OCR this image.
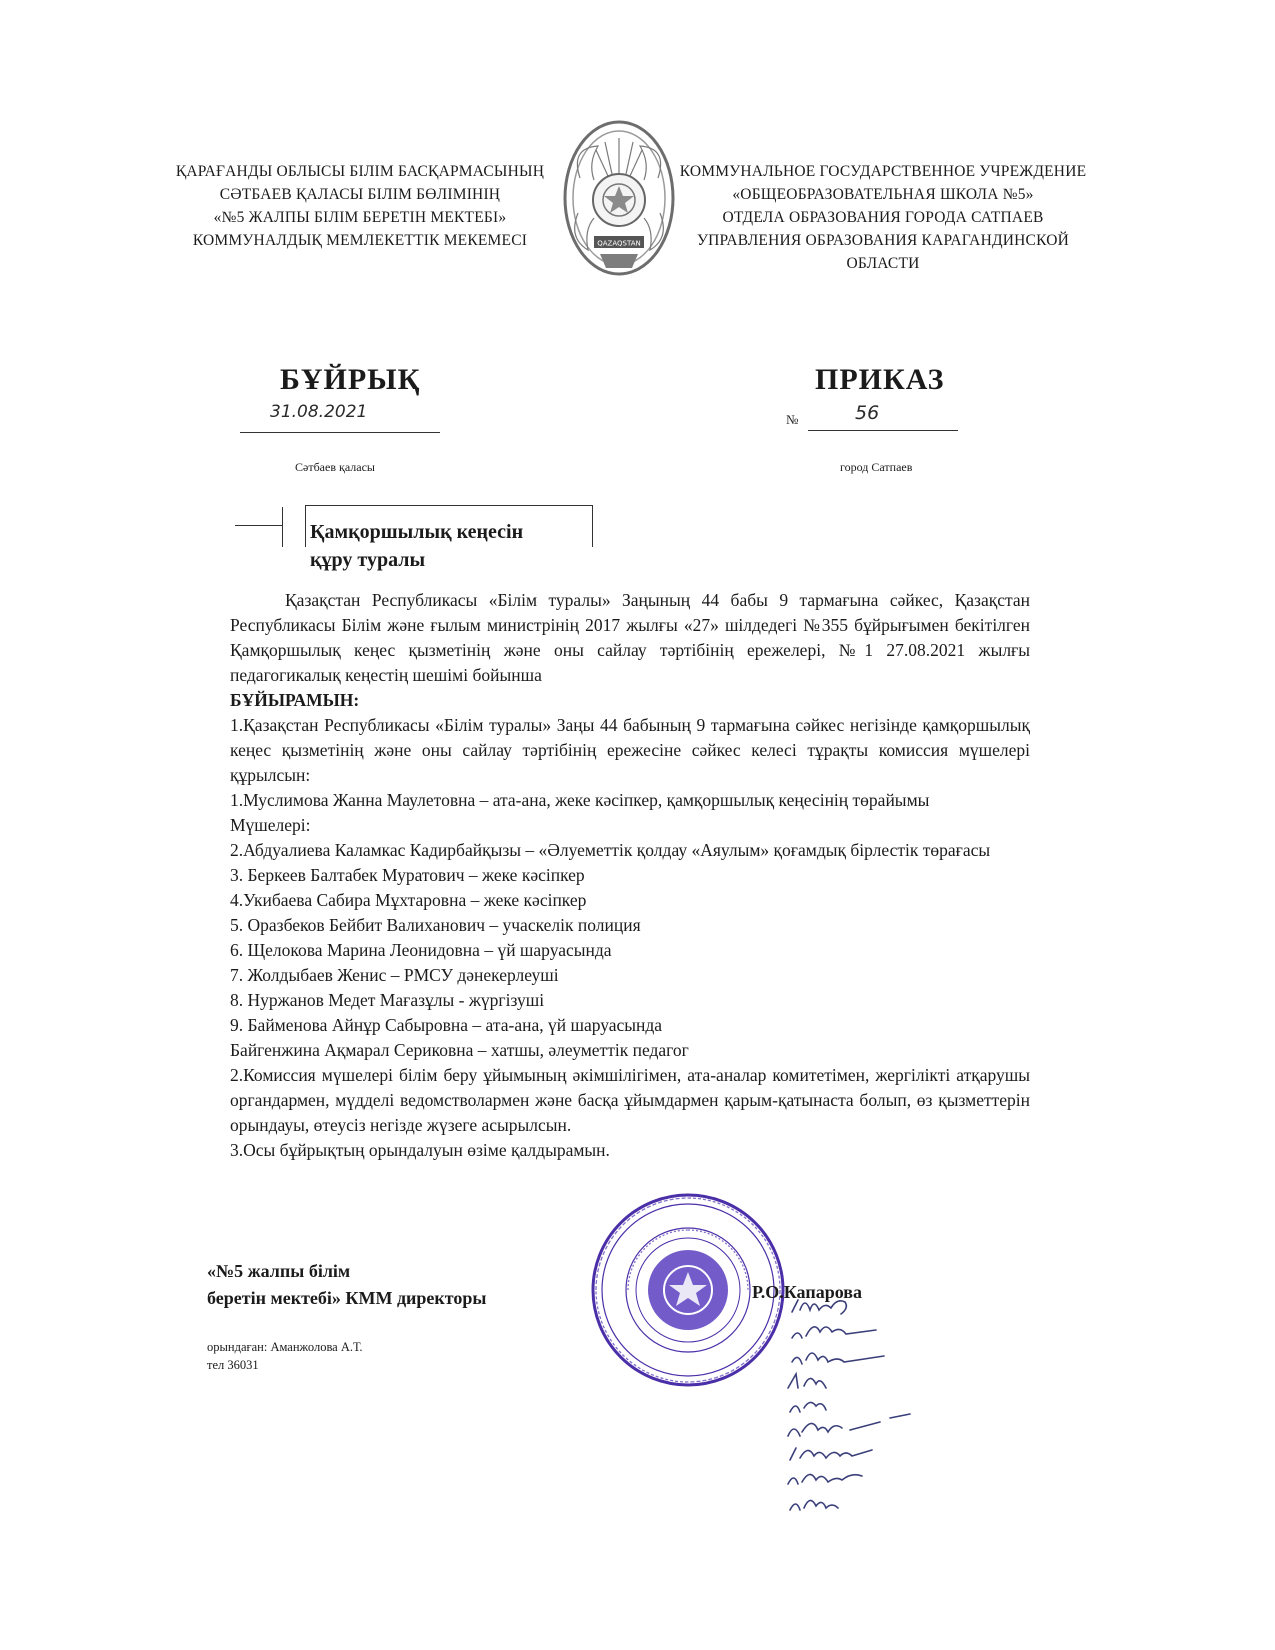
ҚАРАҒАНДЫ ОБЛЫСЫ БІЛІМ БАСҚАРМАСЫНЫҢ
СӘТБАЕВ ҚАЛАСЫ БІЛІМ БӨЛІМІНІҢ
«№5 ЖАЛПЫ БІЛІМ БЕРЕТІН МЕКТЕБІ»
КОММУНАЛДЫҚ МЕМЛЕКЕТТІК МЕКЕМЕСІ	QAZAQSTAN
КОММУНАЛЬНОЕ ГОСУДАРСТВЕННОЕ УЧРЕЖДЕНИЕ
«ОБЩЕОБРАЗОВАТЕЛЬНАЯ ШКОЛА №5»
ОТДЕЛА ОБРАЗОВАНИЯ ГОРОДА САТПАЕВ
УПРАВЛЕНИЯ ОБРАЗОВАНИЯ КАРАГАНДИНСКОЙ
ОБЛАСТИ
БҰЙРЫҚ	ПРИКАЗ
31.08.2021	№	56
Сәтбаев қаласы	город Сатпаев
Қамқоршылық кеңесін
құру туралы

Қазақстан Республикасы «Білім туралы» Заңының 44 бабы 9 тармағына сәйкес, Қазақстан Республикасы Білім және ғылым министрінің 2017 жылғы «27» шілдедегі №355 бұйрығымен бекітілген Қамқоршылық кеңес қызметінің және оны сайлау тәртібінің ережелері, №1 27.08.2021 жылғы педагогикалық кеңестің шешімі бойынша

БҰЙЫРАМЫН:

1.Қазақстан Республикасы «Білім туралы» Заңы 44 бабының 9 тармағына сәйкес негізінде қамқоршылық кеңес қызметінің және оны сайлау тәртібінің ережесіне сәйкес келесі тұрақты комиссия мүшелері құрылсын:

1.Муслимова Жанна Маулетовна – ата-ана, жеке кәсіпкер, қамқоршылық кеңесінің төрайымы

Мүшелері:

2.Абдуалиева Каламкас Кадирбайқызы – «Әлуеметтік қолдау «Аяулым» қоғамдық бірлестік төрағасы

3. Беркеев Балтабек Муратович – жеке кәсіпкер

4.Укибаева Сабира Мұхтаровна – жеке кәсіпкер

5. Оразбеков Бейбит Валиханович – учаскелік полиция

6. Щелокова Марина Леонидовна – үй шаруасында

7. Жолдыбаев Женис – РМСУ дәнекерлеуші

8. Нуржанов Медет Мағазұлы - жүргізуші

9. Байменова Айнұр Сабыровна – ата-ана, үй шаруасында

Байгенжина Ақмарал Сериковна – хатшы, әлеуметтік педагог

2.Комиссия мүшелері білім беру ұйымының әкімшілігімен, ата-аналар комитетімен, жергілікті атқарушы органдармен, мүдделі ведомстволармен және басқа ұйымдармен қарым-қатынаста болып, өз қызметтерін орындауы, өтеусіз негізде жүзеге асырылсын.

3.Осы бұйрықтың орындалуын өзіме қалдырамын.

«№5 жалпы білім
беретін мектебі» КММ директоры	Р.О.Капарова
орындаған: Аманжолова А.Т.
тел 36031
